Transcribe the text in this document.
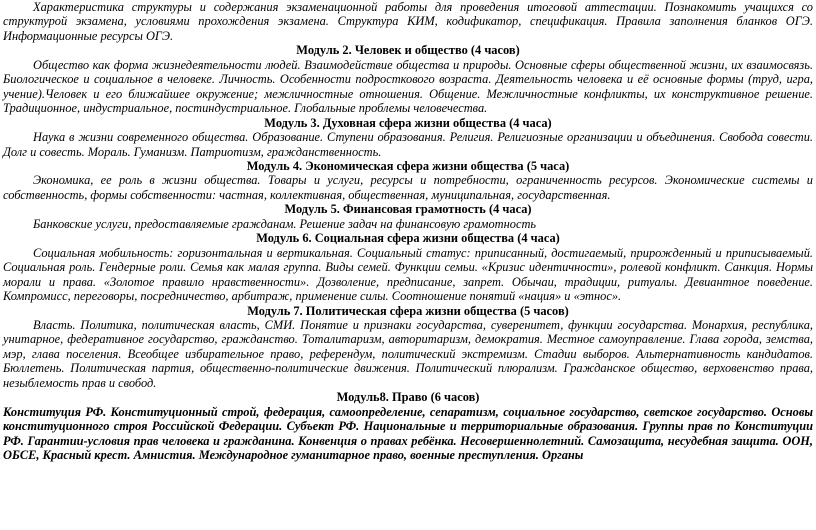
Характеристика структуры и содержания экзаменационной работы для проведения итоговой аттестации. Познакомить учащихся со структурой экзамена, условиями прохождения экзамена. Структура КИМ, кодификатор, спецификация. Правила заполнения бланков ОГЭ. Информационные ресурсы ОГЭ.

Модуль 2. Человек и общество (4 часов)

Общество как форма жизнедеятельности людей. Взаимодействие общества и природы. Основные сферы общественной жизни, их взаимосвязь. Биологическое и социальное в человеке. Личность. Особенности подросткового возраста. Деятельность человека и её основные формы (труд, игра, учение).Человек и его ближайшее окружение; межличностные отношения. Общение. Межличностные конфликты, их конструктивное решение. Традиционное, индустриальное, постиндустриальное. Глобальные проблемы человечества.

Модуль 3. Духовная сфера жизни общества (4 часа)

Наука в жизни современного общества. Образование. Ступени образования. Религия. Религиозные организации и объединения. Свобода совести. Долг и совесть. Мораль. Гуманизм. Патриотизм, гражданственность.

Модуль 4. Экономическая сфера жизни общества (5 часа)

Экономика, ее роль в жизни общества. Товары и услуги, ресурсы и потребности, ограниченность ресурсов. Экономические системы и собственность, формы собственности: частная, коллективная, общественная, муниципальная, государственная.

Модуль 5. Финансовая грамотность (4 часа)

Банковские услуги, предоставляемые гражданам. Решение задач на финансовую грамотность

Модуль 6. Социальная сфера жизни общества (4 часа)

Социальная мобильность: горизонтальная и вертикальная. Социальный статус: приписанный, достигаемый, прирожденный и приписываемый. Социальная роль. Гендерные роли. Семья как малая группа. Виды семей. Функции семьи. «Кризис идентичности», ролевой конфликт. Санкция. Нормы морали и права. «Золотое правило нравственности». Дозволение, предписание, запрет. Обычаи, традиции, ритуалы. Девиантное поведение. Компромисс, переговоры, посредничество, арбитраж, применение силы. Соотношение понятий «нация» и «этнос».

Модуль 7. Политическая сфера жизни общества (5 часов)

Власть. Политика, политическая власть, СМИ. Понятие и признаки государства, суверенитет, функции государства. Монархия, республика, унитарное, федеративное государство, гражданство. Тоталитаризм, авторитаризм, демократия. Местное самоуправление. Глава города, земства, мэр, глава поселения. Всеобщее избирательное право, референдум, политический экстремизм. Стадии выборов. Альтернативность кандидатов. Бюллетень. Политическая партия, общественно-политические движения. Политический плюрализм. Гражданское общество, верховенство права, незыблемость прав и свобод.

Модуль8. Право (6 часов)

Конституция РФ. Конституционный строй, федерация, самоопределение, сепаратизм, социальное государство, светское государство. Основы конституционного строя Российской Федерации. Субъект РФ. Национальные и территориальные образования. Группы прав по Конституции РФ. Гарантии-условия прав человека и гражданина. Конвенция о правах ребёнка. Несовершеннолетний. Самозащита, несудебная защита. ООН, ОБСЕ, Красный крест. Амнистия. Международное гуманитарное право, военные преступления. Органы
